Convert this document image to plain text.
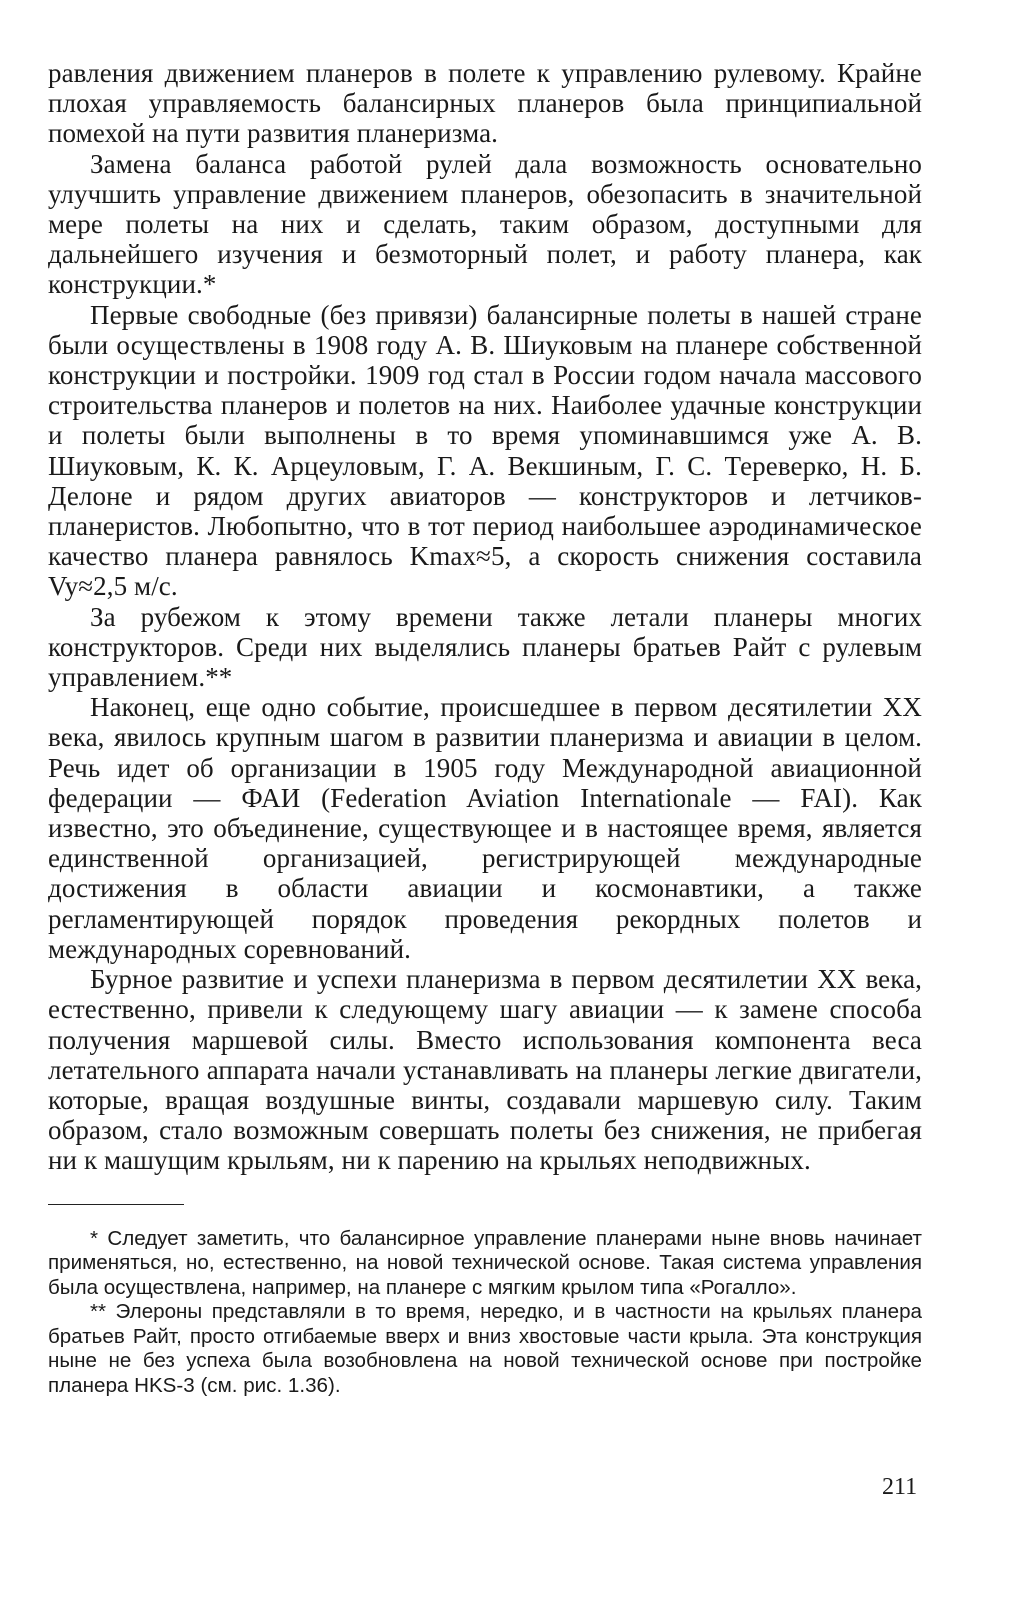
равления движением планеров в полете к управлению рулевому. Крайне плохая управляемость балансирных планеров была принципиальной помехой на пути развития планеризма.

Замена баланса работой рулей дала возможность основательно улучшить управление движением планеров, обезопасить в значительной мере полеты на них и сделать, таким образом, доступными для дальнейшего изучения и безмоторный полет, и работу планера, как конструкции.*

Первые свободные (без привязи) балансирные полеты в нашей стране были осуществлены в 1908 году А. В. Шиуковым на планере собственной конструкции и постройки. 1909 год стал в России годом начала массового строительства планеров и полетов на них. Наиболее удачные конструкции и полеты были выполнены в то время упоминавшимся уже А. В. Шиуковым, К. К. Арцеуловым, Г. А. Векшиным, Г. С. Тереверко, Н. Б. Делоне и рядом других авиаторов — конструкторов и летчиков-планеристов. Любопытно, что в тот период наибольшее аэродинамическое качество планера равнялось Kmax≈5, а скорость снижения составила Vy≈2,5 м/с.

За рубежом к этому времени также летали планеры многих конструкторов. Среди них выделялись планеры братьев Райт с рулевым управлением.**

Наконец, еще одно событие, происшедшее в первом десятилетии XX века, явилось крупным шагом в развитии планеризма и авиации в целом. Речь идет об организации в 1905 году Международной авиационной федерации — ФАИ (Federation Aviation Internationale — FAI). Как известно, это объединение, существующее и в настоящее время, является единственной организацией, регистрирующей международные достижения в области авиации и космонавтики, а также регламентирующей порядок проведения рекордных полетов и международных соревнований.

Бурное развитие и успехи планеризма в первом десятилетии XX века, естественно, привели к следующему шагу авиации — к замене способа получения маршевой силы. Вместо использования компонента веса летательного аппарата начали устанавливать на планеры легкие двигатели, которые, вращая воздушные винты, создавали маршевую силу. Таким образом, стало возможным совершать полеты без снижения, не прибегая ни к машущим крыльям, ни к парению на крыльях неподвижных.

* Следует заметить, что балансирное управление планерами ныне вновь начинает применяться, но, естественно, на новой технической основе. Такая система управления была осуществлена, например, на планере с мягким крылом типа «Рогалло».

** Элероны представляли в то время, нередко, и в частности на крыльях планера братьев Райт, просто отгибаемые вверх и вниз хвостовые части крыла. Эта конструкция ныне не без успеха была возобновлена на новой технической основе при постройке планера HKS-3 (см. рис. 1.36).

211
